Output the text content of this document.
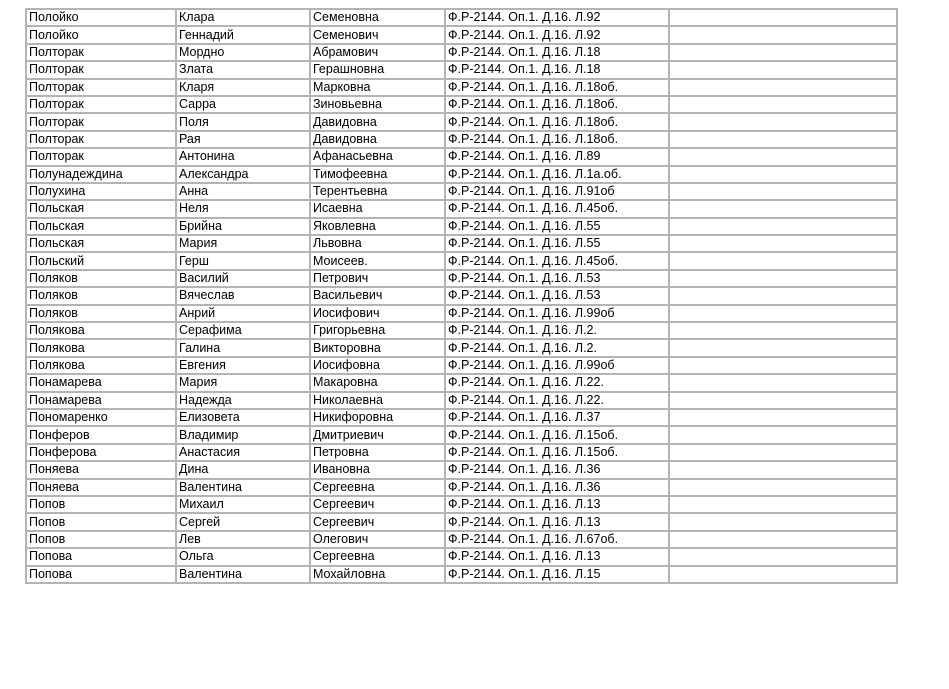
Полойко	Клара	Семеновна	Ф.Р-2144. Оп.1. Д.16. Л.92	
Полойко	Геннадий	Семенович	Ф.Р-2144. Оп.1. Д.16. Л.92	
Полторак	Мордно	Абрамович	Ф.Р-2144. Оп.1. Д.16. Л.18	
Полторак	Злата	Герашновна	Ф.Р-2144. Оп.1. Д.16. Л.18	
Полторак	Кларя	Марковна	Ф.Р-2144. Оп.1. Д.16. Л.18об.	
Полторак	Сарра	Зиновьевна	Ф.Р-2144. Оп.1. Д.16. Л.18об.	
Полторак	Поля	Давидовна	Ф.Р-2144. Оп.1. Д.16. Л.18об.	
Полторак	Рая	Давидовна	Ф.Р-2144. Оп.1. Д.16. Л.18об.	
Полторак	Антонина	Афанасьевна	Ф.Р-2144. Оп.1. Д.16. Л.89	
Полунадеждина	Александра	Тимофеевна	Ф.Р-2144. Оп.1. Д.16. Л.1а.об.	
Полухина	Анна	Терентьевна	Ф.Р-2144. Оп.1. Д.16. Л.91об	
Польская	Неля	Исаевна	Ф.Р-2144. Оп.1. Д.16. Л.45об.	
Польская	Брийна	Яковлевна	Ф.Р-2144. Оп.1. Д.16. Л.55	
Польская	Мария	Львовна	Ф.Р-2144. Оп.1. Д.16. Л.55	
Польский	Герш	Моисеев.	Ф.Р-2144. Оп.1. Д.16. Л.45об.	
Поляков	Василий	Петрович	Ф.Р-2144. Оп.1. Д.16. Л.53	
Поляков	Вячеслав	Васильевич	Ф.Р-2144. Оп.1. Д.16. Л.53	
Поляков	Анрий	Иосифович	Ф.Р-2144. Оп.1. Д.16. Л.99об	
Полякова	Серафима	Григорьевна	Ф.Р-2144. Оп.1. Д.16. Л.2.	
Полякова	Галина	Викторовна	Ф.Р-2144. Оп.1. Д.16. Л.2.	
Полякова	Евгения	Иосифовна	Ф.Р-2144. Оп.1. Д.16. Л.99об	
Понамарева	Мария	Макаровна	Ф.Р-2144. Оп.1. Д.16. Л.22.	
Понамарева	Надежда	Николаевна	Ф.Р-2144. Оп.1. Д.16. Л.22.	
Пономаренко	Елизовета	Никифоровна	Ф.Р-2144. Оп.1. Д.16. Л.37	
Понферов	Владимир	Дмитриевич	Ф.Р-2144. Оп.1. Д.16. Л.15об.	
Понферова	Анастасия	Петровна	Ф.Р-2144. Оп.1. Д.16. Л.15об.	
Поняева	Дина	Ивановна	Ф.Р-2144. Оп.1. Д.16. Л.36	
Поняева	Валентина	Сергеевна	Ф.Р-2144. Оп.1. Д.16. Л.36	
Попов	Михаил	Сергеевич	Ф.Р-2144. Оп.1. Д.16. Л.13	
Попов	Сергей	Сергеевич	Ф.Р-2144. Оп.1. Д.16. Л.13	
Попов	Лев	Олегович	Ф.Р-2144. Оп.1. Д.16. Л.67об.	
Попова	Ольга	Сергеевна	Ф.Р-2144. Оп.1. Д.16. Л.13	
Попова	Валентина	Мохайловна	Ф.Р-2144. Оп.1. Д.16. Л.15	
